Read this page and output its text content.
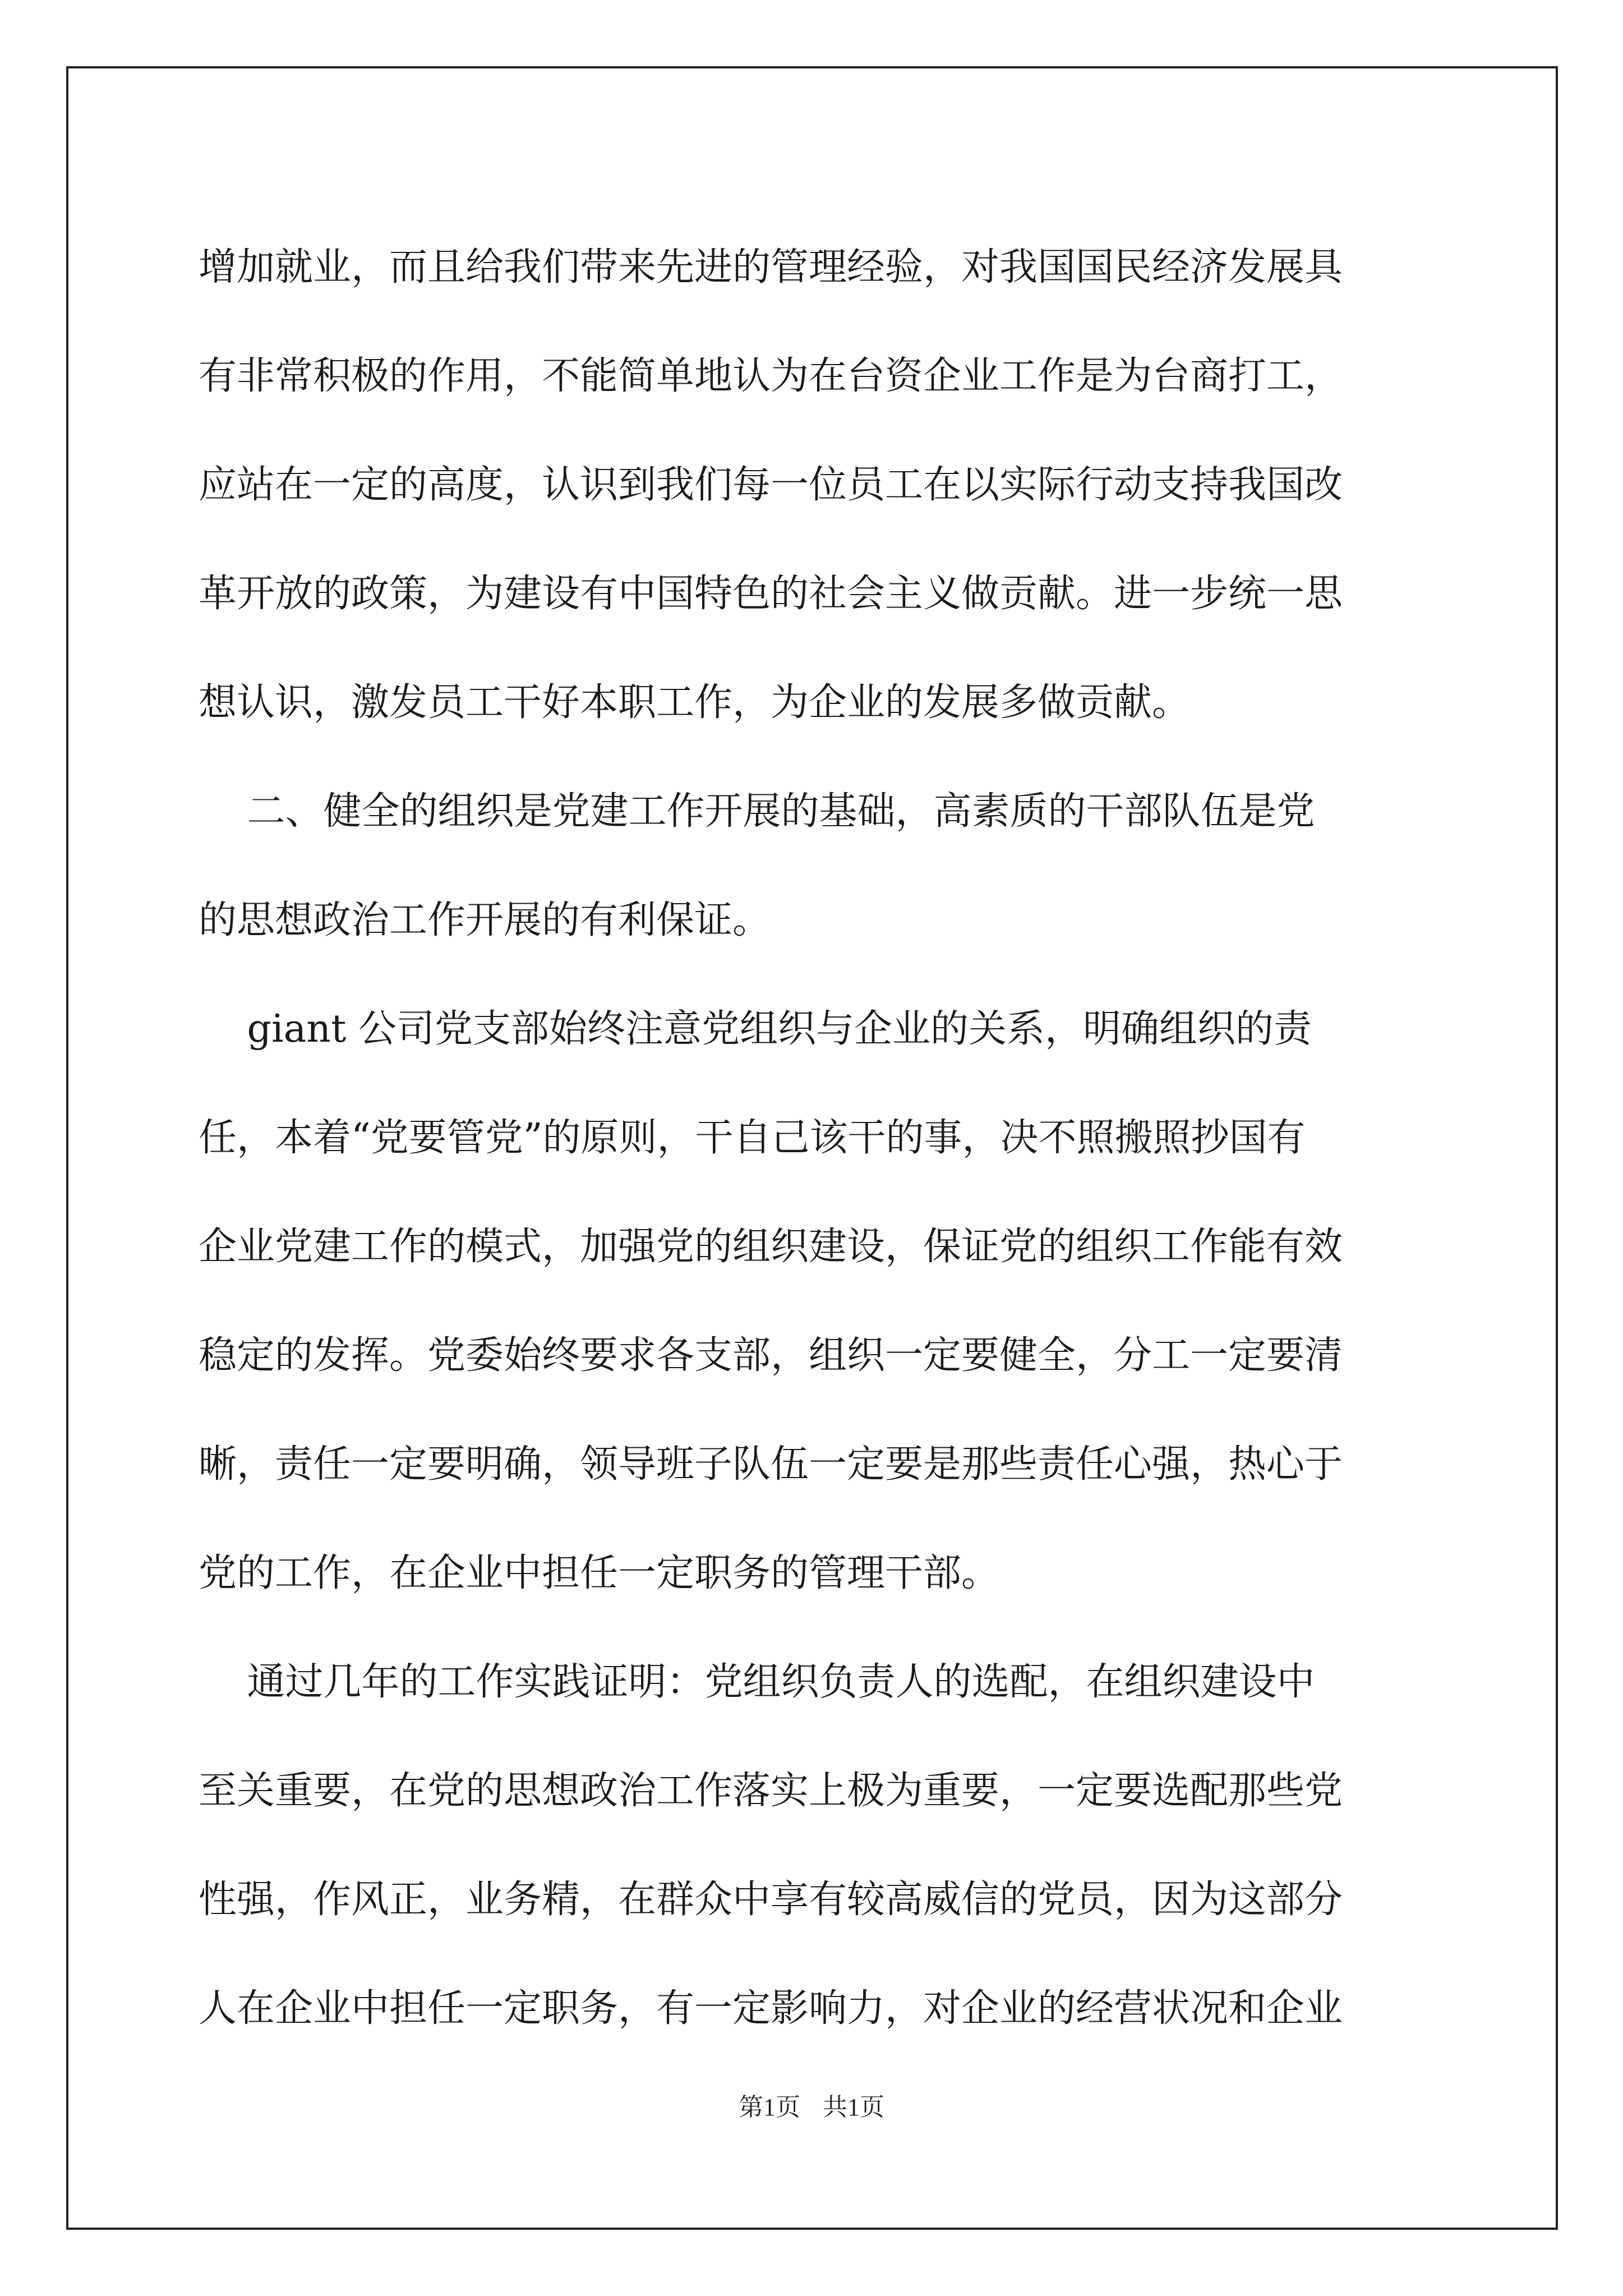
增加就业，而且给我们带来先进的管理经验，对我国国民经济发展具
有非常积极的作用，不能简单地认为在台资企业工作是为台商打工，
应站在一定的高度，认识到我们每一位员工在以实际行动支持我国改
革开放的政策，为建设有中国特色的社会主义做贡献。进一步统一思
想认识，激发员工干好本职工作，为企业的发展多做贡献。

二、健全的组织是党建工作开展的基础，高素质的干部队伍是党
的思想政治工作开展的有利保证。

giant 公司党支部始终注意党组织与企业的关系，明确组织的责
任，本着“党要管党”的原则，干自己该干的事，决不照搬照抄国有
企业党建工作的模式，加强党的组织建设，保证党的组织工作能有效
稳定的发挥。党委始终要求各支部，组织一定要健全，分工一定要清
晰，责任一定要明确，领导班子队伍一定要是那些责任心强，热心于
党的工作，在企业中担任一定职务的管理干部。

通过几年的工作实践证明：党组织负责人的选配，在组织建设中
至关重要，在党的思想政治工作落实上极为重要，一定要选配那些党
性强，作风正，业务精，在群众中享有较高威信的党员，因为这部分
人在企业中担任一定职务，有一定影响力，对企业的经营状况和企业

第1页 共1页
